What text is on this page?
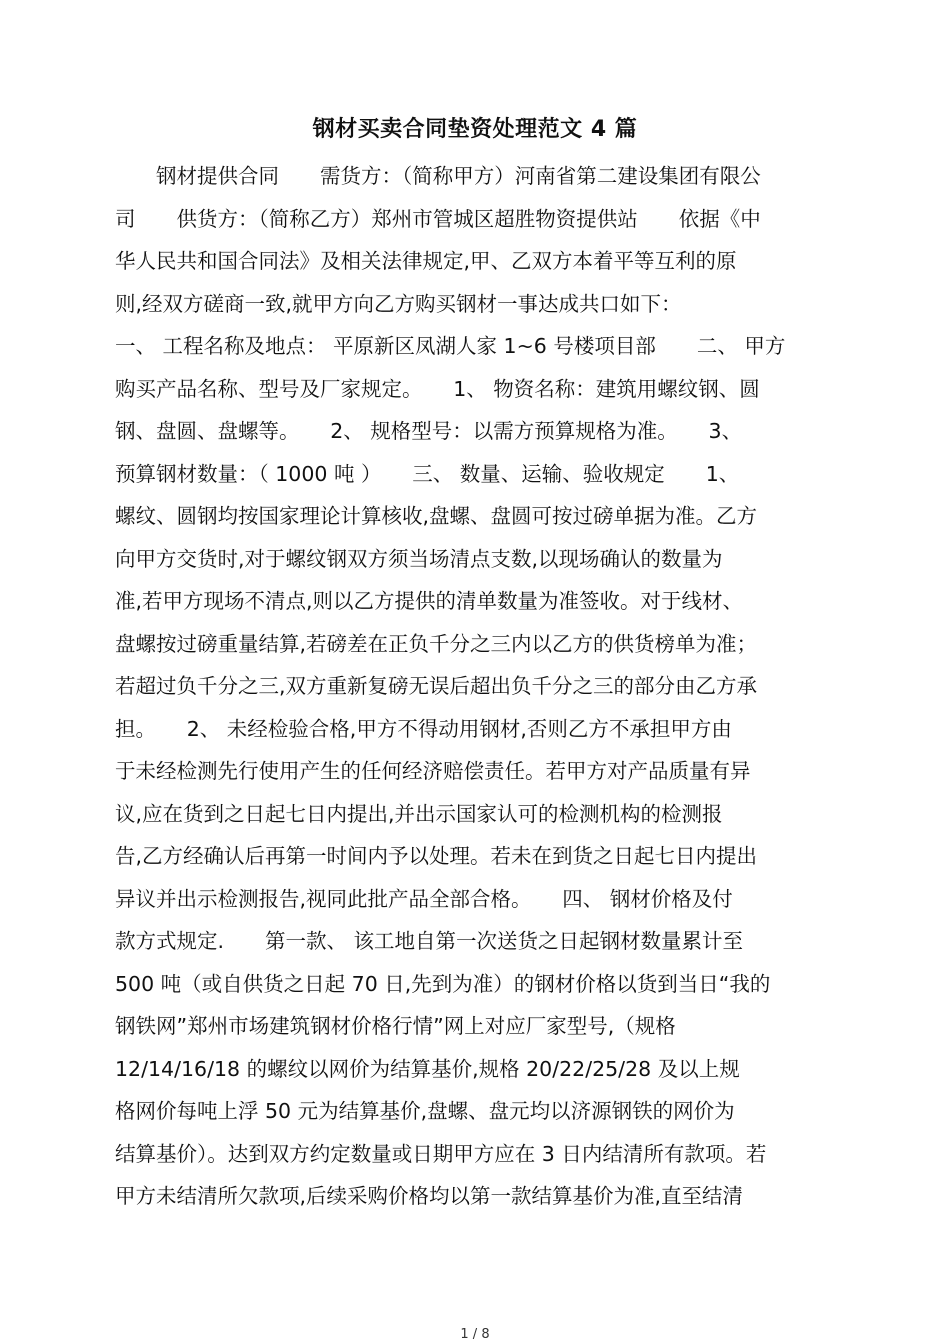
钢材买卖合同垫资处理范文 4 篇
　　钢材提供合同　　需货方：（简称甲方）河南省第二建设集团有限公
司　　供货方：（简称乙方）郑州市管城区超胜物资提供站　　依据《中
华人民共和国合同法》及相关法律规定,甲、乙双方本着平等互利的原
则,经双方磋商一致,就甲方向乙方购买钢材一事达成共口如下：
一、 工程名称及地点： 平原新区凤湖人家 1~6 号楼项目部　　二、 甲方
购买产品名称、型号及厂家规定。　　1、 物资名称：建筑用螺纹钢、圆
钢、盘圆、盘螺等。　　2、 规格型号：以需方预算规格为准。　　3、
预算钢材数量：（ 1000 吨 ）　　三、 数量、运输、验收规定　　1、
螺纹、圆钢均按国家理论计算核收,盘螺、盘圆可按过磅单据为准。乙方
向甲方交货时,对于螺纹钢双方须当场清点支数,以现场确认的数量为
准,若甲方现场不清点,则以乙方提供的清单数量为准签收。对于线材、
盘螺按过磅重量结算,若磅差在正负千分之三内以乙方的供货榜单为准；
若超过负千分之三,双方重新复磅无误后超出负千分之三的部分由乙方承
担。　　2、 未经检验合格,甲方不得动用钢材,否则乙方不承担甲方由
于未经检测先行使用产生的任何经济赔偿责任。若甲方对产品质量有异
议,应在货到之日起七日内提出,并出示国家认可的检测机构的检测报
告,乙方经确认后再第一时间内予以处理。若未在到货之日起七日内提出
异议并出示检测报告,视同此批产品全部合格。　　四、 钢材价格及付
款方式规定.　　第一款、 该工地自第一次送货之日起钢材数量累计至
500 吨（或自供货之日起 70 日,先到为准）的钢材价格以货到当日“我的
钢铁网”郑州市场建筑钢材价格行情”网上对应厂家型号,（规格
12/14/16/18 的螺纹以网价为结算基价,规格 20/22/25/28 及以上规
格网价每吨上浮 50 元为结算基价,盘螺、盘元均以济源钢铁的网价为
结算基价）。达到双方约定数量或日期甲方应在 3 日内结清所有款项。若
甲方未结清所欠款项,后续采购价格均以第一款结算基价为准,直至结清
1 / 8
